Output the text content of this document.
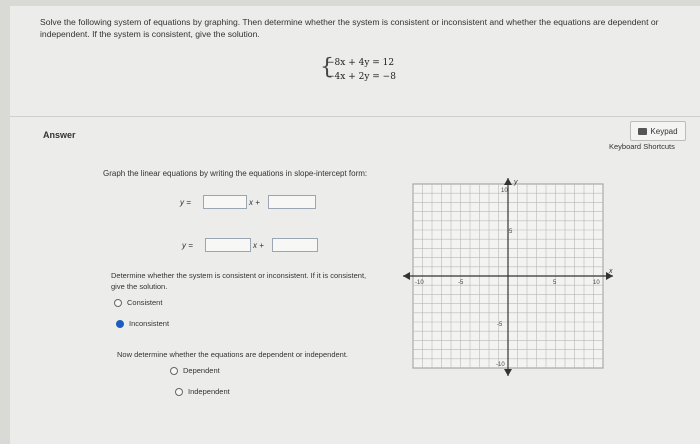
Solve the following system of equations by graphing. Then determine whether the system is consistent or inconsistent and whether the equations are dependent or independent. If the system is consistent, give the solution.
{
−8x + 4y = 12
−4x + 2y = −8
Answer	Keypad
Keyboard Shortcuts
Graph the linear equations by writing the equations in slope-intercept form:
y =	x +
y =	x +
Determine whether the system is consistent or inconsistent. If it is consistent, give the solution.
Consistent
Inconsistent
Now determine whether the equations are dependent or independent.
Dependent
Independent
x
y
-10	-5	5	10
10
5
-5
-10
